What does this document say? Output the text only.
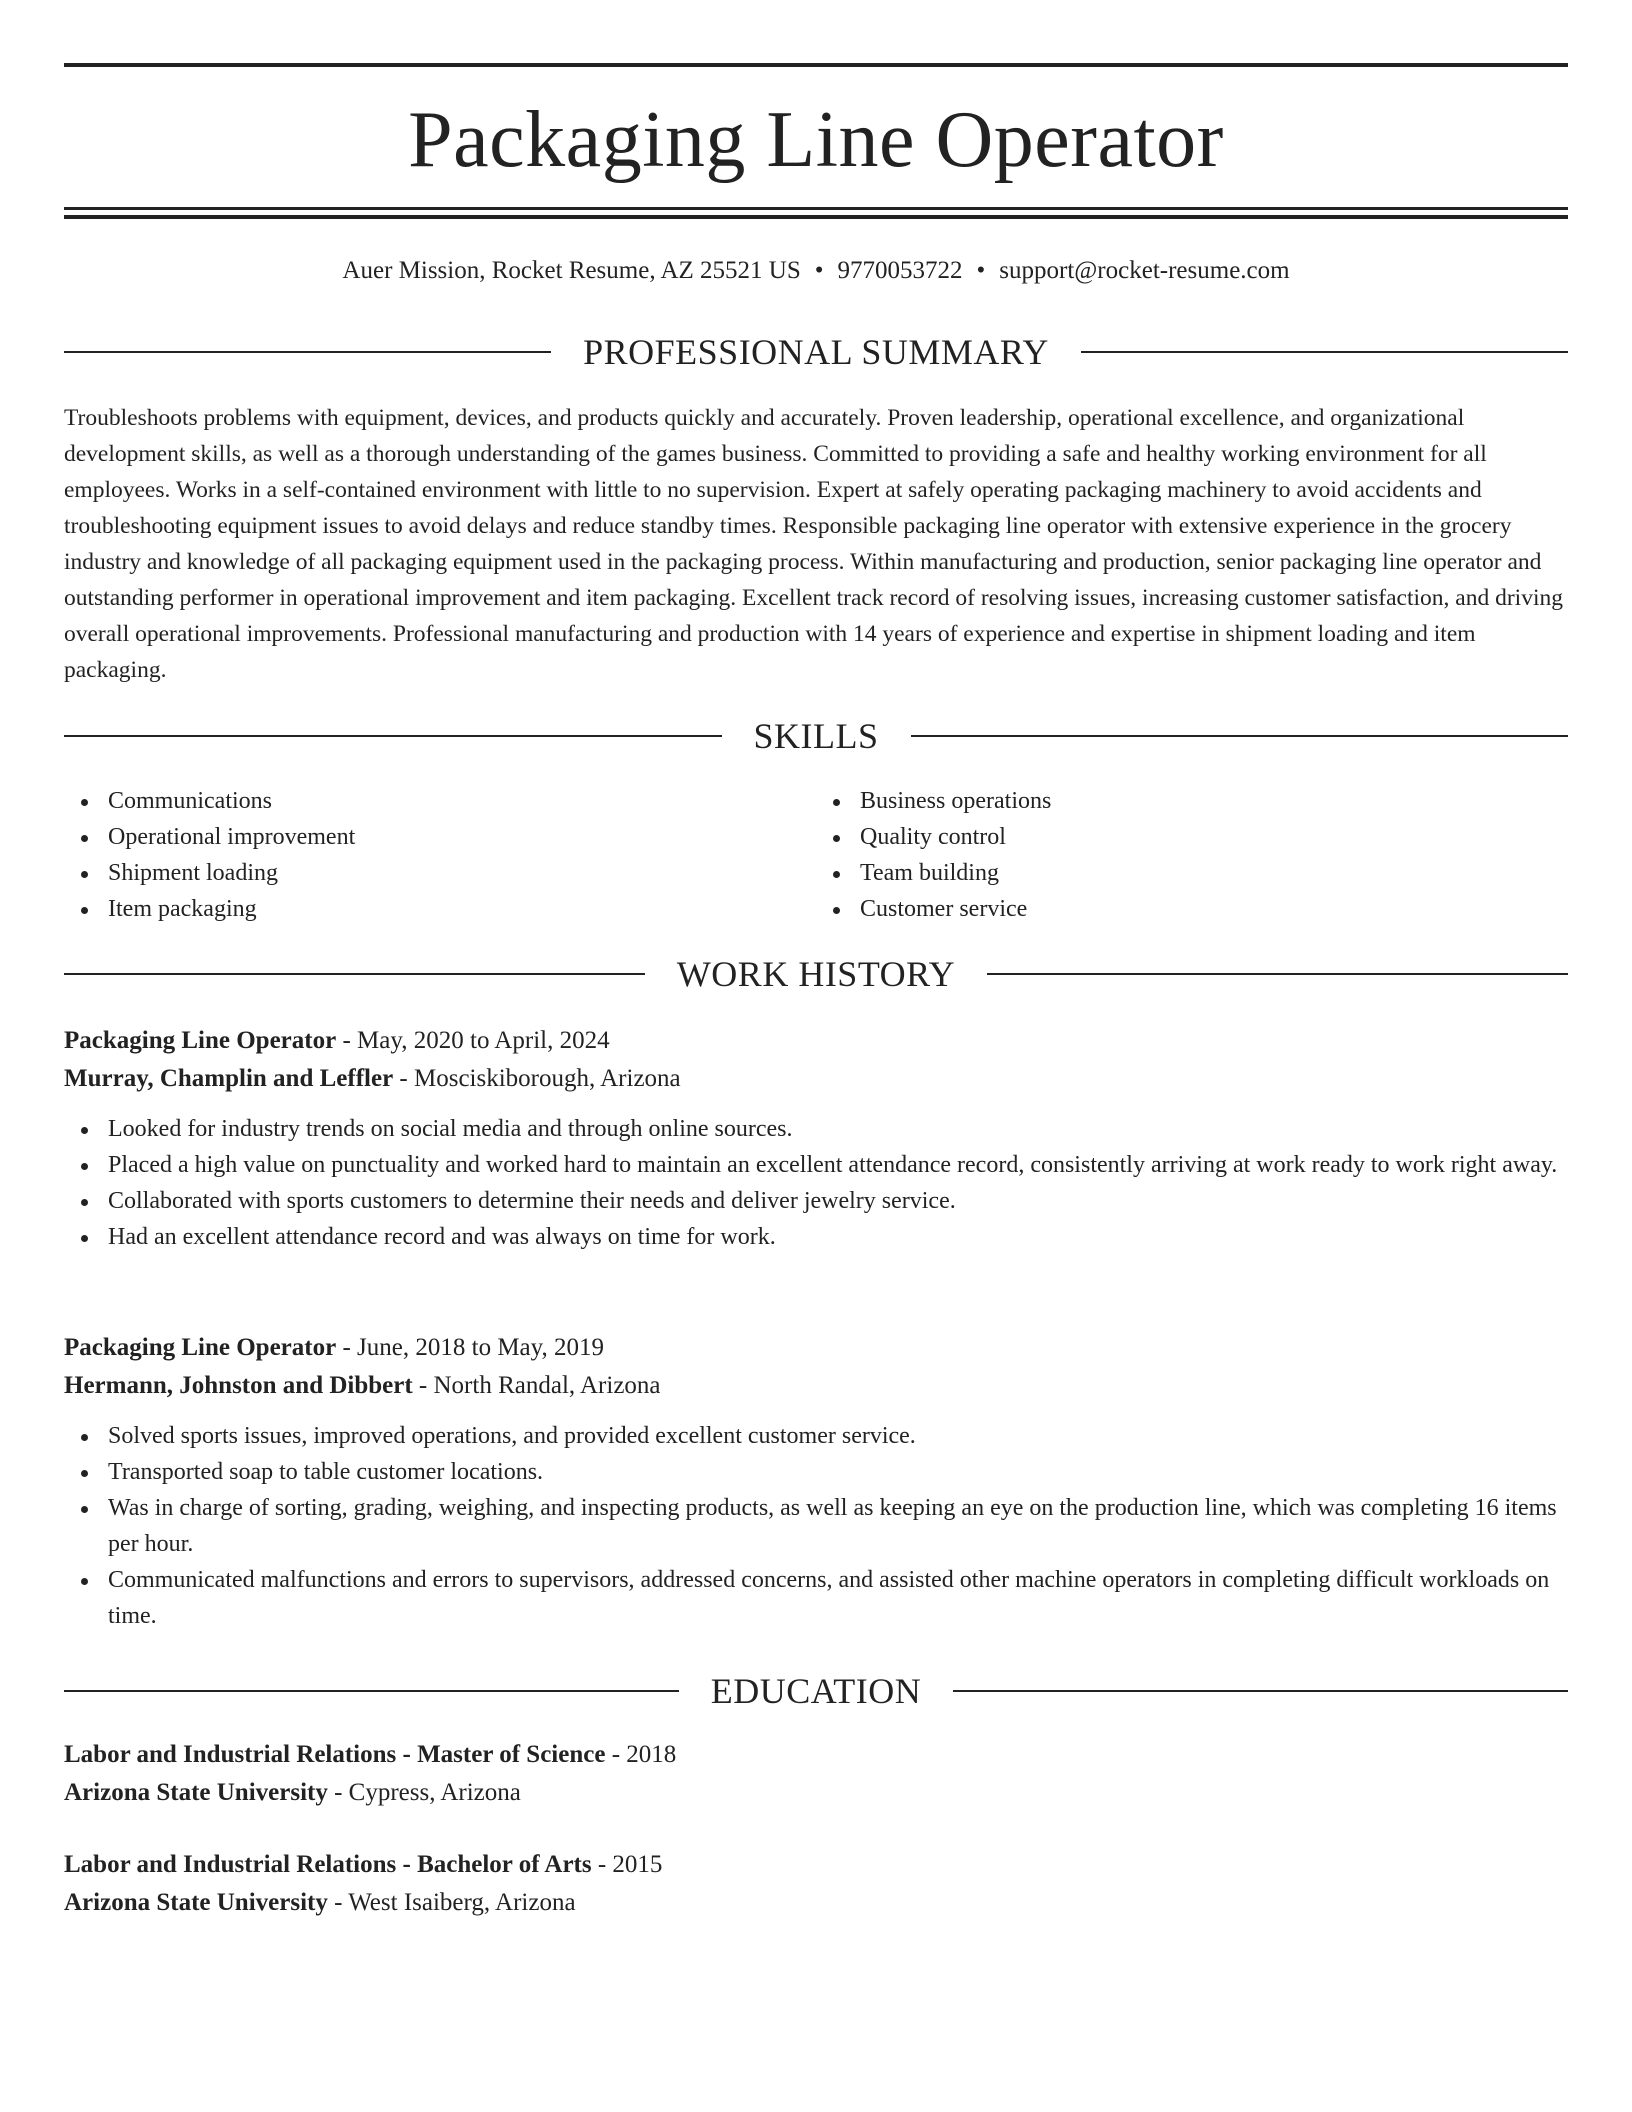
Packaging Line Operator
Auer Mission, Rocket Resume, AZ 25521 US • 9770053722 • support@rocket-resume.com
PROFESSIONAL SUMMARY

Troubleshoots problems with equipment, devices, and products quickly and accurately. Proven leadership, operational excellence, and organizational development skills, as well as a thorough understanding of the games business. Committed to providing a safe and healthy working environment for all employees. Works in a self-contained environment with little to no supervision. Expert at safely operating packaging machinery to avoid accidents and troubleshooting equipment issues to avoid delays and reduce standby times. Responsible packaging line operator with extensive experience in the grocery industry and knowledge of all packaging equipment used in the packaging process. Within manufacturing and production, senior packaging line operator and outstanding performer in operational improvement and item packaging. Excellent track record of resolving issues, increasing customer satisfaction, and driving overall operational improvements. Professional manufacturing and production with 14 years of experience and expertise in shipment loading and item packaging.

SKILLS
Communications
Operational improvement
Shipment loading
Item packaging
Business operations
Quality control
Team building
Customer service
WORK HISTORY
Packaging Line Operator - May, 2020 to April, 2024
Murray, Champlin and Leffler - Mosciskiborough, Arizona
Looked for industry trends on social media and through online sources.
Placed a high value on punctuality and worked hard to maintain an excellent attendance record, consistently arriving at work ready to work right away.
Collaborated with sports customers to determine their needs and deliver jewelry service.
Had an excellent attendance record and was always on time for work.
Packaging Line Operator - June, 2018 to May, 2019
Hermann, Johnston and Dibbert - North Randal, Arizona
Solved sports issues, improved operations, and provided excellent customer service.
Transported soap to table customer locations.
Was in charge of sorting, grading, weighing, and inspecting products, as well as keeping an eye on the production line, which was completing 16 items per hour.
Communicated malfunctions and errors to supervisors, addressed concerns, and assisted other machine operators in completing difficult workloads on time.
EDUCATION
Labor and Industrial Relations - Master of Science - 2018
Arizona State University - Cypress, Arizona
Labor and Industrial Relations - Bachelor of Arts - 2015
Arizona State University - West Isaiberg, Arizona
